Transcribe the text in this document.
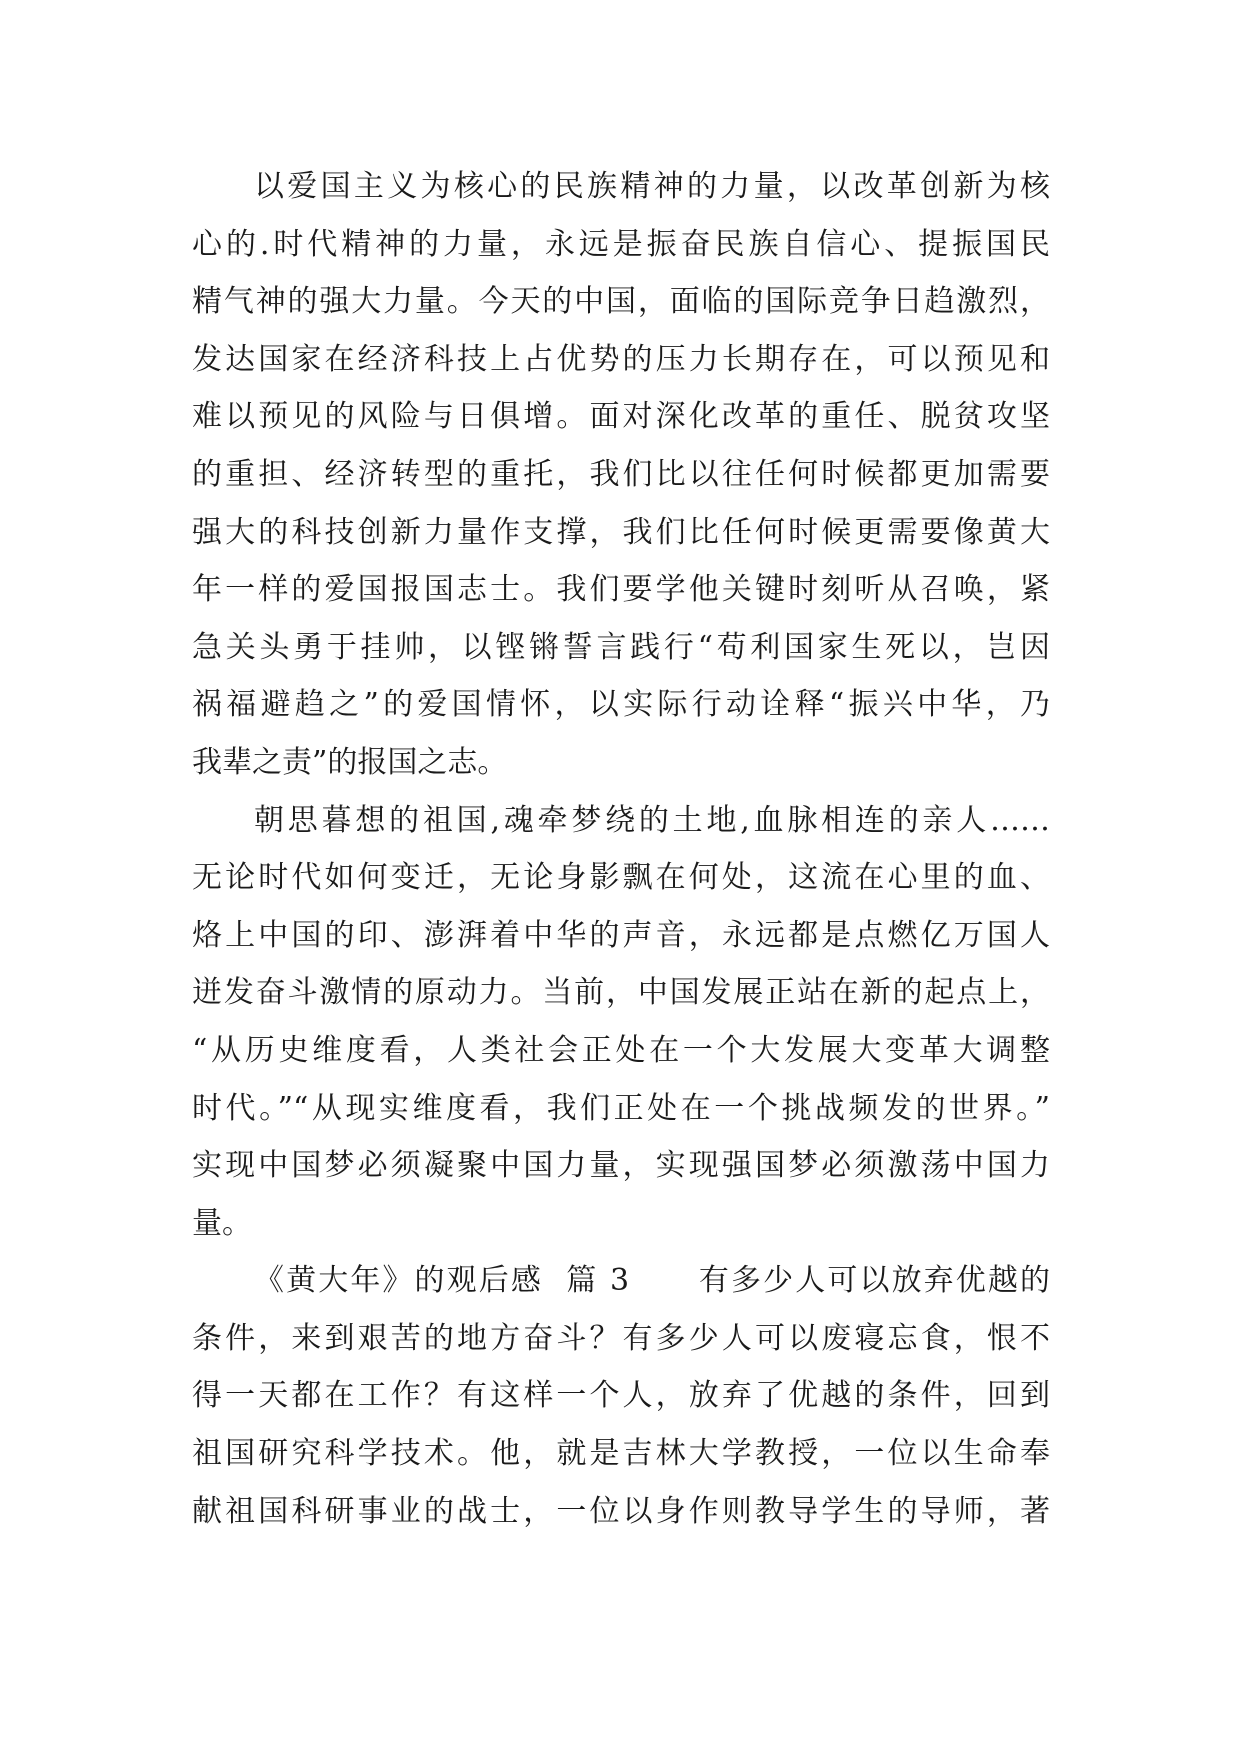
以爱国主义为核心的民族精神的力量，以改革创新为核
心的.时代精神的力量，永远是振奋民族自信心、提振国民
精气神的强大力量。今天的中国，面临的国际竞争日趋激烈，
发达国家在经济科技上占优势的压力长期存在，可以预见和
难以预见的风险与日俱增。面对深化改革的重任、脱贫攻坚
的重担、经济转型的重托，我们比以往任何时候都更加需要
强大的科技创新力量作支撑，我们比任何时候更需要像黄大
年一样的爱国报国志士。我们要学他关键时刻听从召唤，紧
急关头勇于挂帅，以铿锵誓言践行“苟利国家生死以，岂因
祸福避趋之”的爱国情怀，以实际行动诠释“振兴中华，乃
我辈之责”的报国之志。
朝思暮想的祖国,魂牵梦绕的土地,血脉相连的亲人……
无论时代如何变迁，无论身影飘在何处，这流在心里的血、
烙上中国的印、澎湃着中华的声音，永远都是点燃亿万国人
迸发奋斗激情的原动力。当前，中国发展正站在新的起点上，
“从历史维度看，人类社会正处在一个大发展大变革大调整
时代。”“从现实维度看，我们正处在一个挑战频发的世界。”
实现中国梦必须凝聚中国力量，实现强国梦必须激荡中国力
量。
《黄大年》的观后感  篇 3      有多少人可以放弃优越的
条件，来到艰苦的地方奋斗？有多少人可以废寝忘食，恨不
得一天都在工作？有这样一个人，放弃了优越的条件，回到
祖国研究科学技术。他，就是吉林大学教授，一位以生命奉
献祖国科研事业的战士，一位以身作则教导学生的导师，著
